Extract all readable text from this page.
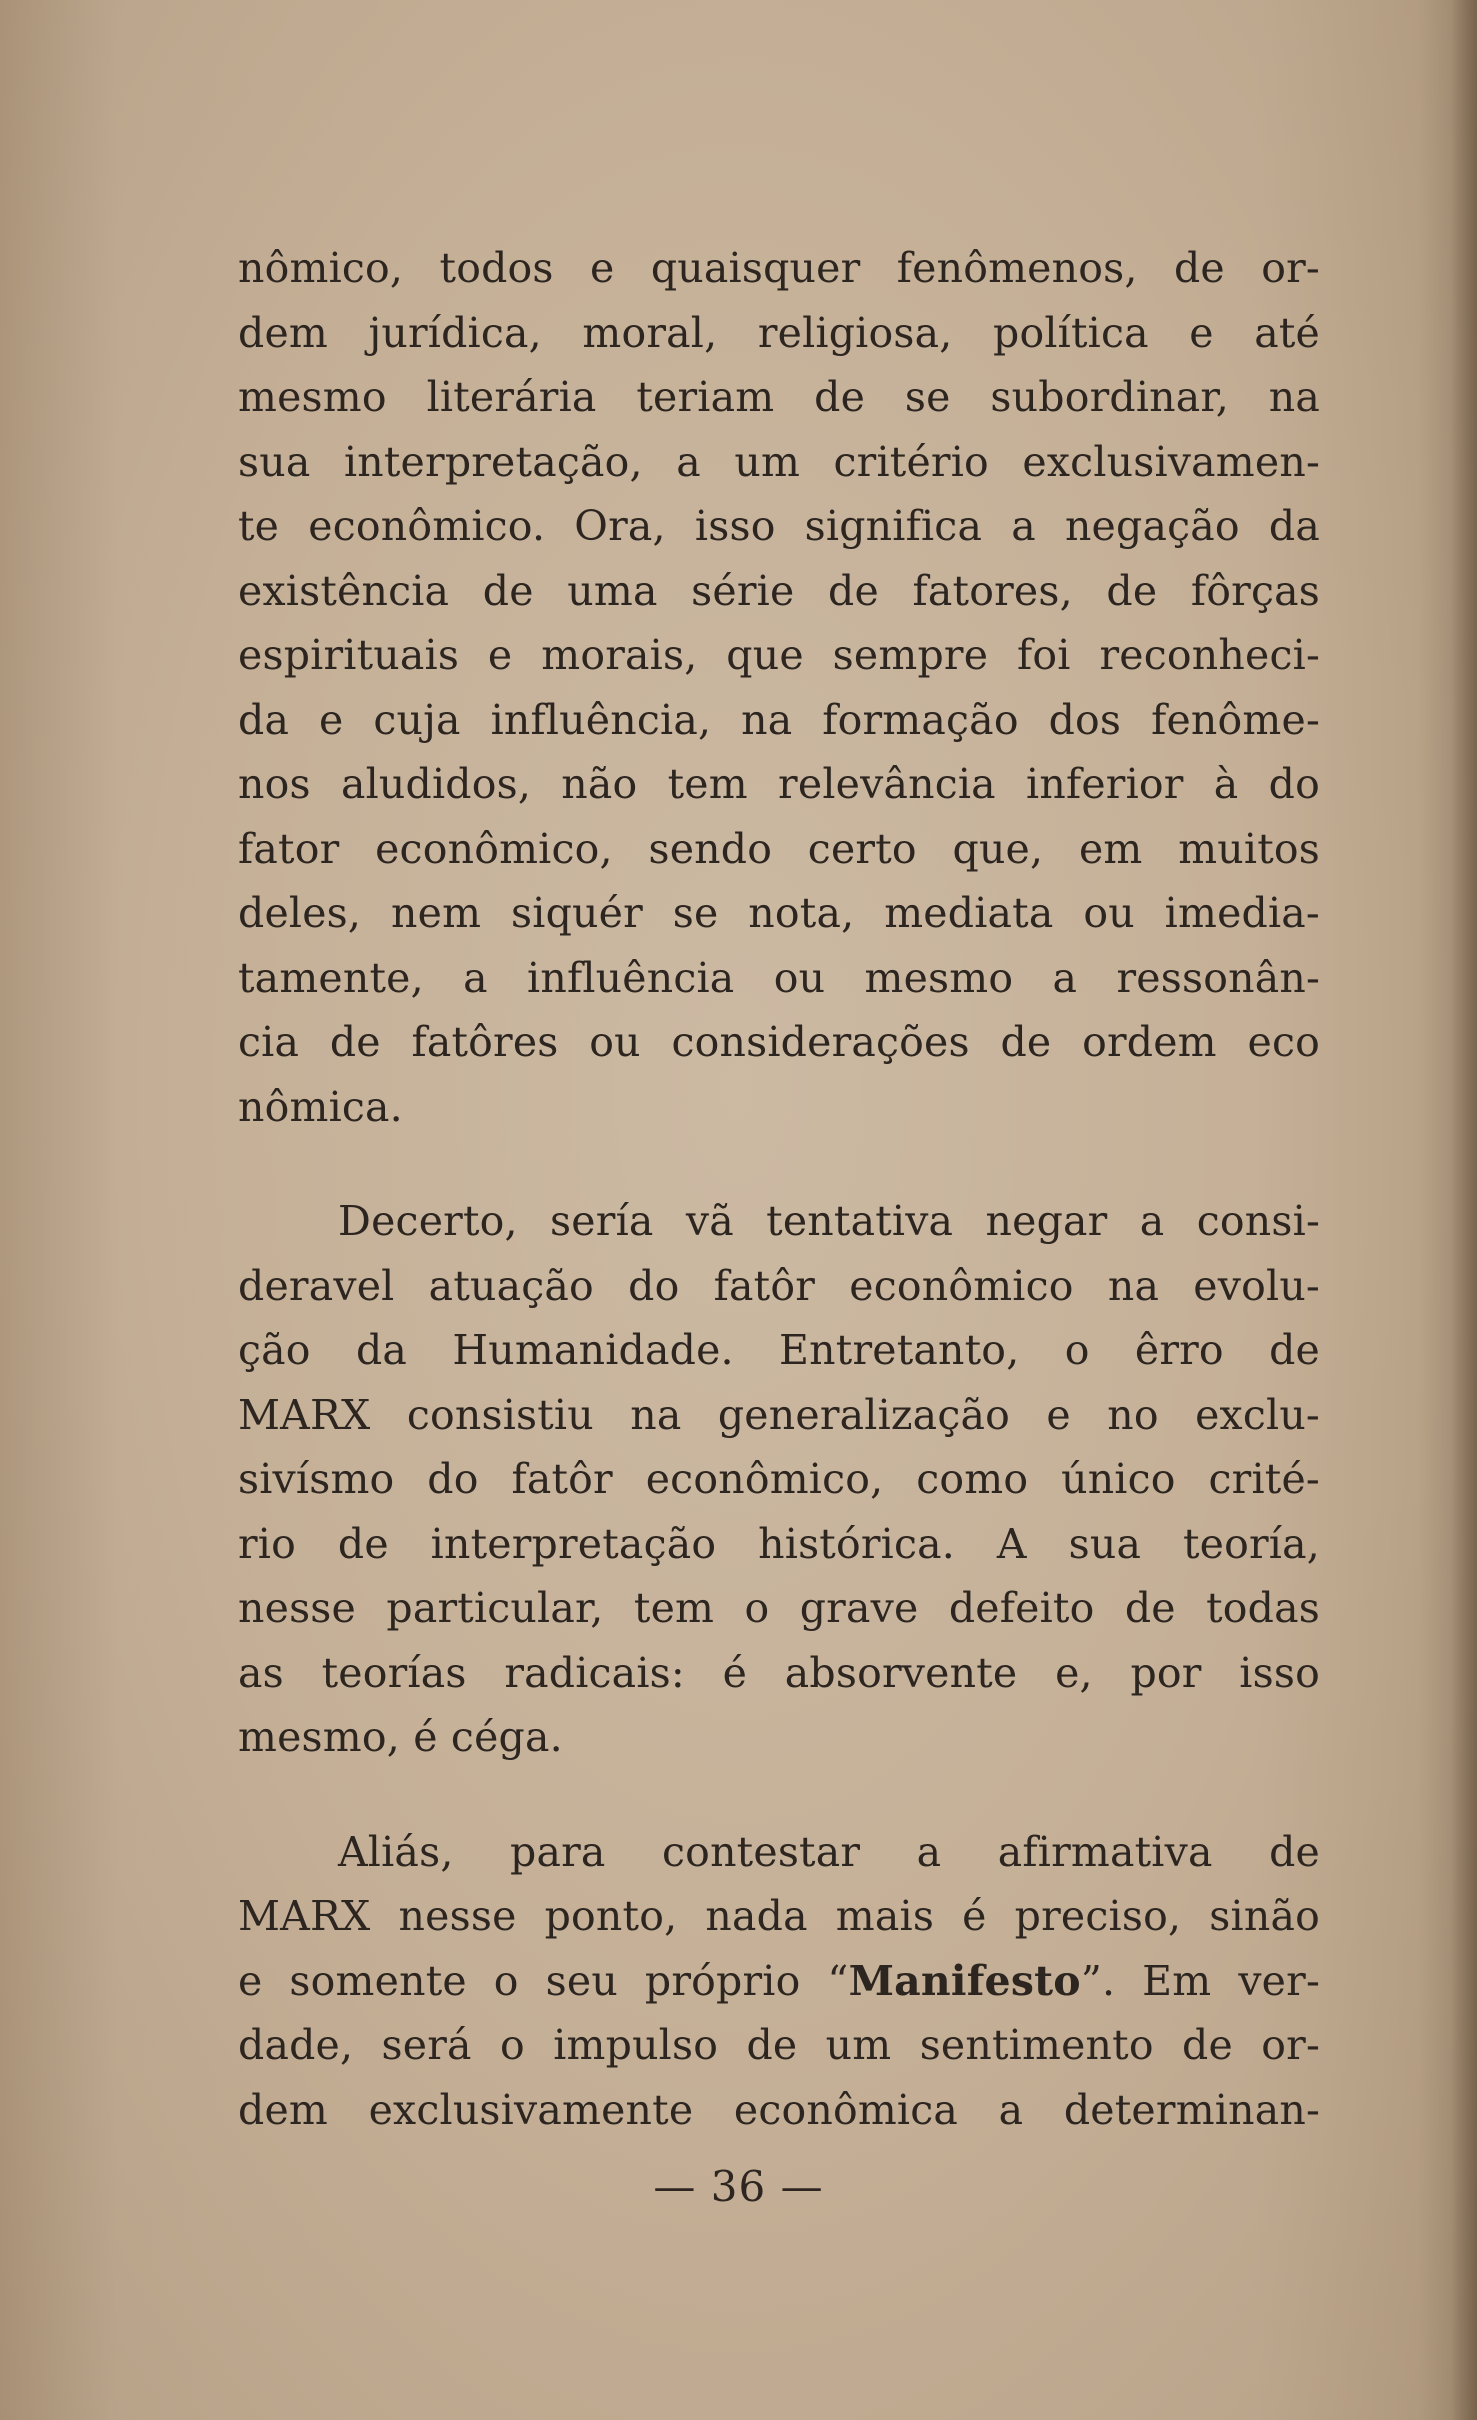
nômico, todos e quaisquer fenômenos, de or-
dem jurídica, moral, religiosa, política e até
mesmo literária teriam de se subordinar, na
sua interpretação, a um critério exclusivamen-
te econômico. Ora, isso significa a negação da
existência de uma série de fatores, de fôrças
espirituais e morais, que sempre foi reconheci-
da e cuja influência, na formação dos fenôme-
nos aludidos, não tem relevância inferior à do
fator econômico, sendo certo que, em muitos
deles, nem siquér se nota, mediata ou imedia-
tamente, a influência ou mesmo a ressonân-
cia de fatôres ou considerações de ordem eco
nômica.

Decerto, sería vã tentativa negar a consi-
deravel atuação do fatôr econômico na evolu-
ção da Humanidade. Entretanto, o êrro de
MARX consistiu na generalização e no exclu-
sivísmo do fatôr econômico, como único crité-
rio de interpretação histórica. A sua teoría,
nesse particular, tem o grave defeito de todas
as teorías radicais: é absorvente e, por isso
mesmo, é céga.

Aliás, para contestar a afirmativa de
MARX nesse ponto, nada mais é preciso, sinão
e somente o seu próprio “Manifesto”. Em ver-
dade, será o impulso de um sentimento de or-
dem exclusivamente econômica a determinan-

— 36 —
